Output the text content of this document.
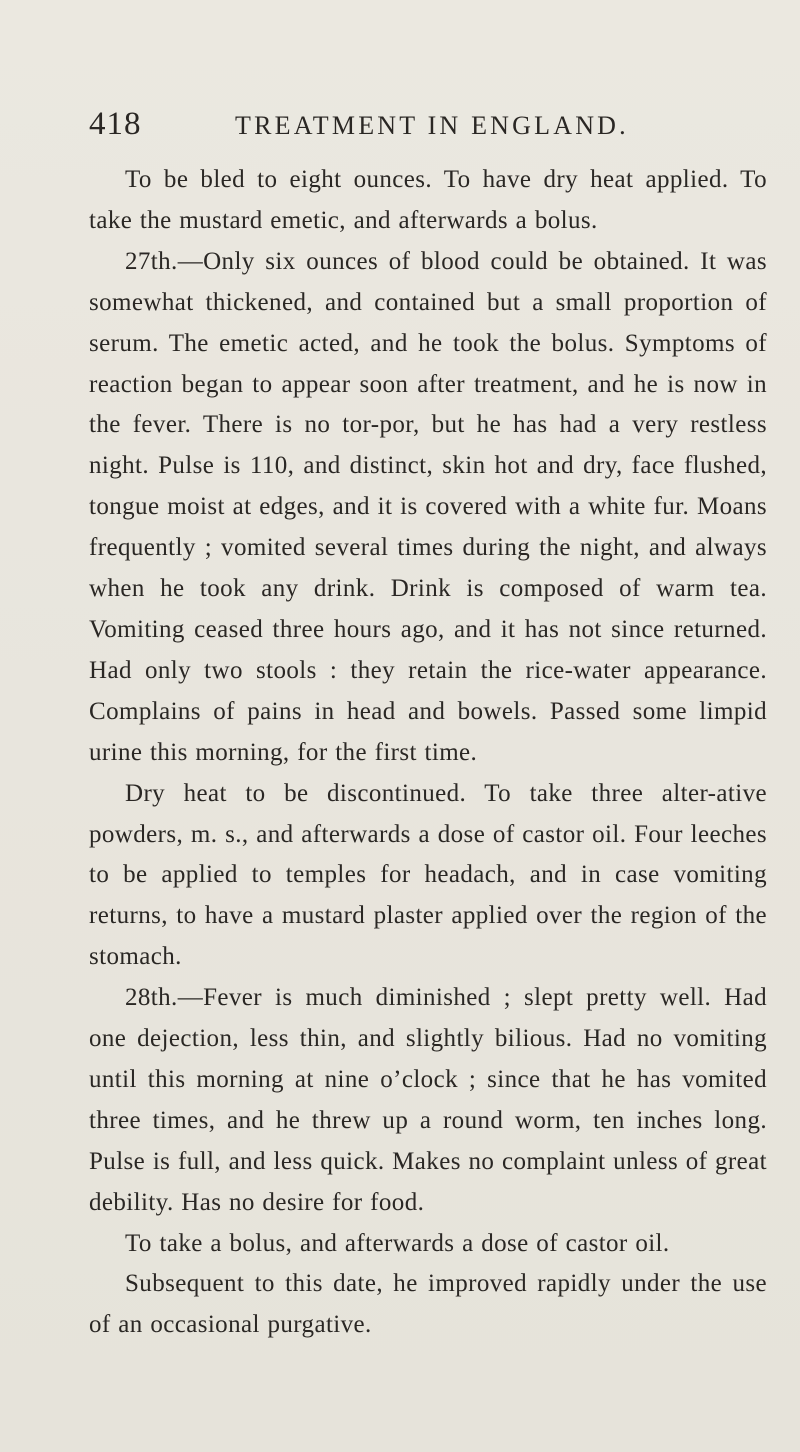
418	TREATMENT IN ENGLAND.

To be bled to eight ounces. To have dry heat applied. To take the mustard emetic, and afterwards a bolus.

27th.—Only six ounces of blood could be obtained. It was somewhat thickened, and contained but a small proportion of serum. The emetic acted, and he took the bolus. Symptoms of reaction began to appear soon after treatment, and he is now in the fever. There is no tor-por, but he has had a very restless night. Pulse is 110, and distinct, skin hot and dry, face flushed, tongue moist at edges, and it is covered with a white fur. Moans frequently ; vomited several times during the night, and always when he took any drink. Drink is composed of warm tea. Vomiting ceased three hours ago, and it has not since returned. Had only two stools : they retain the rice-water appearance. Complains of pains in head and bowels. Passed some limpid urine this morning, for the first time.

Dry heat to be discontinued. To take three alter-ative powders, m. s., and afterwards a dose of castor oil. Four leeches to be applied to temples for headach, and in case vomiting returns, to have a mustard plaster applied over the region of the stomach.

28th.—Fever is much diminished ; slept pretty well. Had one dejection, less thin, and slightly bilious. Had no vomiting until this morning at nine o’clock ; since that he has vomited three times, and he threw up a round worm, ten inches long. Pulse is full, and less quick. Makes no complaint unless of great debility. Has no desire for food.

To take a bolus, and afterwards a dose of castor oil.

Subsequent to this date, he improved rapidly under the use of an occasional purgative.
